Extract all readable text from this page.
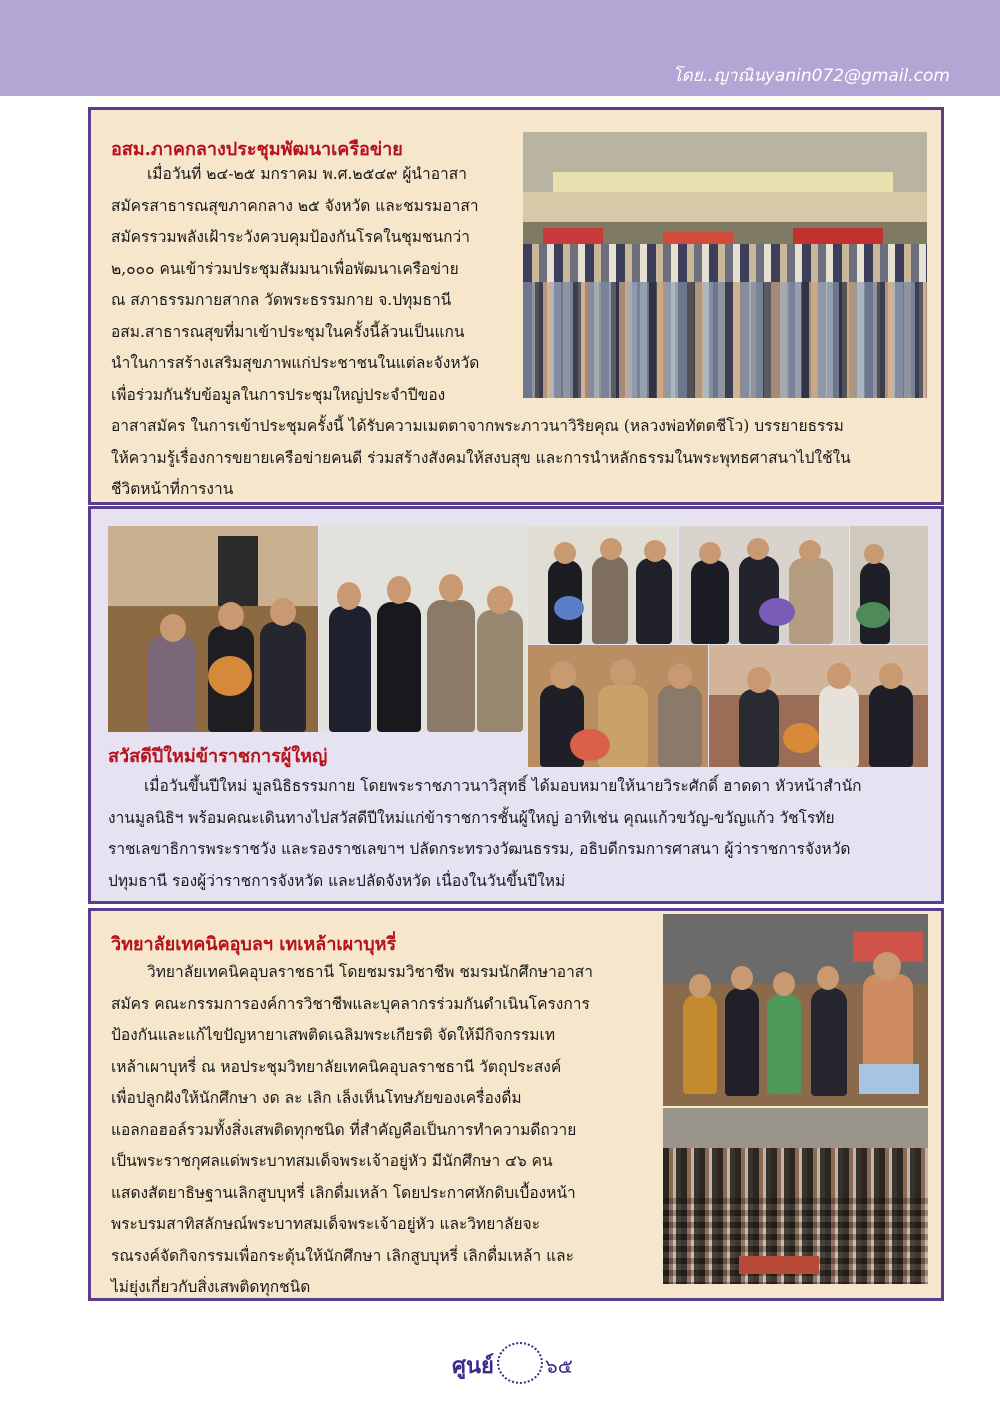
โดย..ญาณินyanin072@gmail.com
อสม.ภาคกลางประชุมพัฒนาเครือข่าย
เมื่อวันที่ ๒๔-๒๕ มกราคม พ.ศ.๒๕๔๙ ผู้นำอาสา
สมัครสาธารณสุขภาคกลาง ๒๕ จังหวัด และชมรมอาสา
สมัครรวมพลังเฝ้าระวังควบคุมป้องกันโรคในชุมชนกว่า
๒,๐๐๐ คนเข้าร่วมประชุมสัมมนาเพื่อพัฒนาเครือข่าย
ณ สภาธรรมกายสากล วัดพระธรรมกาย จ.ปทุมธานี
อสม.สาธารณสุขที่มาเข้าประชุมในครั้งนี้ล้วนเป็นแกน
นำในการสร้างเสริมสุขภาพแก่ประชาชนในแต่ละจังหวัด
เพื่อร่วมกันรับข้อมูลในการประชุมใหญ่ประจำปีของ
อาสาสมัคร ในการเข้าประชุมครั้งนี้ ได้รับความเมตตาจากพระภาวนาวิริยคุณ (หลวงพ่อทัตตชีโว) บรรยายธรรม
ให้ความรู้เรื่องการขยายเครือข่ายคนดี ร่วมสร้างสังคมให้สงบสุข และการนำหลักธรรมในพระพุทธศาสนาไปใช้ใน
ชีวิตหน้าที่การงาน
สวัสดีปีใหม่ข้าราชการผู้ใหญ่
เมื่อวันขึ้นปีใหม่ มูลนิธิธรรมกาย โดยพระราชภาวนาวิสุทธิ์ ได้มอบหมายให้นายวิระศักดิ์ ฮาดดา หัวหน้าสำนัก
งานมูลนิธิฯ พร้อมคณะเดินทางไปสวัสดีปีใหม่แก่ข้าราชการชั้นผู้ใหญ่ อาทิเช่น คุณแก้วขวัญ-ขวัญแก้ว วัชโรทัย
ราชเลขาธิการพระราชวัง และรองราชเลขาฯ ปลัดกระทรวงวัฒนธรรม, อธิบดีกรมการศาสนา ผู้ว่าราชการจังหวัด
ปทุมธานี รองผู้ว่าราชการจังหวัด และปลัดจังหวัด เนื่องในวันขึ้นปีใหม่
วิทยาลัยเทคนิคอุบลฯ เทเหล้าเผาบุหรี่
วิทยาลัยเทคนิคอุบลราชธานี โดยชมรมวิชาชีพ ชมรมนักศึกษาอาสา
สมัคร คณะกรรมการองค์การวิชาชีพและบุคลากรร่วมกันดำเนินโครงการ
ป้องกันและแก้ไขปัญหายาเสพติดเฉลิมพระเกียรติ จัดให้มีกิจกรรมเท
เหล้าเผาบุหรี่ ณ หอประชุมวิทยาลัยเทคนิคอุบลราชธานี วัตถุประสงค์
เพื่อปลูกฝังให้นักศึกษา งด ละ เลิก เล็งเห็นโทษภัยของเครื่องดื่ม
แอลกอฮอล์รวมทั้งสิ่งเสพติดทุกชนิด ที่สำคัญคือเป็นการทำความดีถวาย
เป็นพระราชกุศลแด่พระบาทสมเด็จพระเจ้าอยู่หัว มีนักศึกษา ๔๖ คน
แสดงสัตยาธิษฐานเลิกสูบบุหรี่ เลิกดื่มเหล้า โดยประกาศหักดิบเบื้องหน้า
พระบรมสาทิสลักษณ์พระบาทสมเด็จพระเจ้าอยู่หัว และวิทยาลัยจะ
รณรงค์จัดกิจกรรมเพื่อกระตุ้นให้นักศึกษา เลิกสูบบุหรี่ เลิกดื่มเหล้า และ
ไม่ยุ่งเกี่ยวกับสิ่งเสพติดทุกชนิด
ศูนย์	๖๕
